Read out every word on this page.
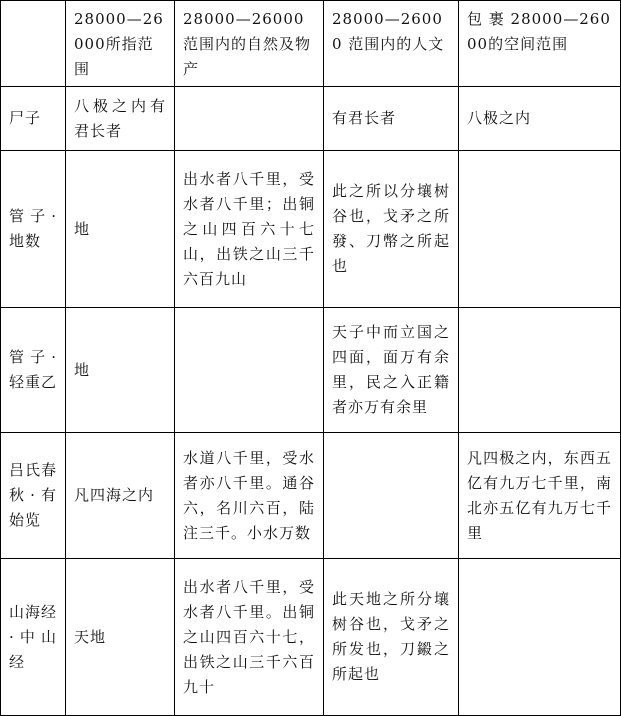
	28000—26000所指范围	28000—26000 范围内的自然及物产	28000—26000 范围内的人文	包 裹 28000—26000的空间范围
尸子	八极之内有君长者		有君长者	八极之内
管子·地数	地	出水者八千里，受水者八千里；出铜之山四百六十七山，出铁之山三千六百九山	此之所以分壤树谷也，戈矛之所發、刀幣之所起也	
管子·轻重乙	地		天子中而立国之四面，面万有余里，民之入正籍者亦万有余里	
吕氏春秋·有始览	凡四海之内	水道八千里，受水者亦八千里。通谷六，名川六百，陆注三千。小水万数		凡四极之内，东西五亿有九万七千里，南北亦五亿有九万七千里
山海经·中山经	天地	出水者八千里，受水者八千里。出铜之山四百六十七，出铁之山三千六百九十	此天地之所分壤树谷也，戈矛之所发也，刀鎩之所起也	
